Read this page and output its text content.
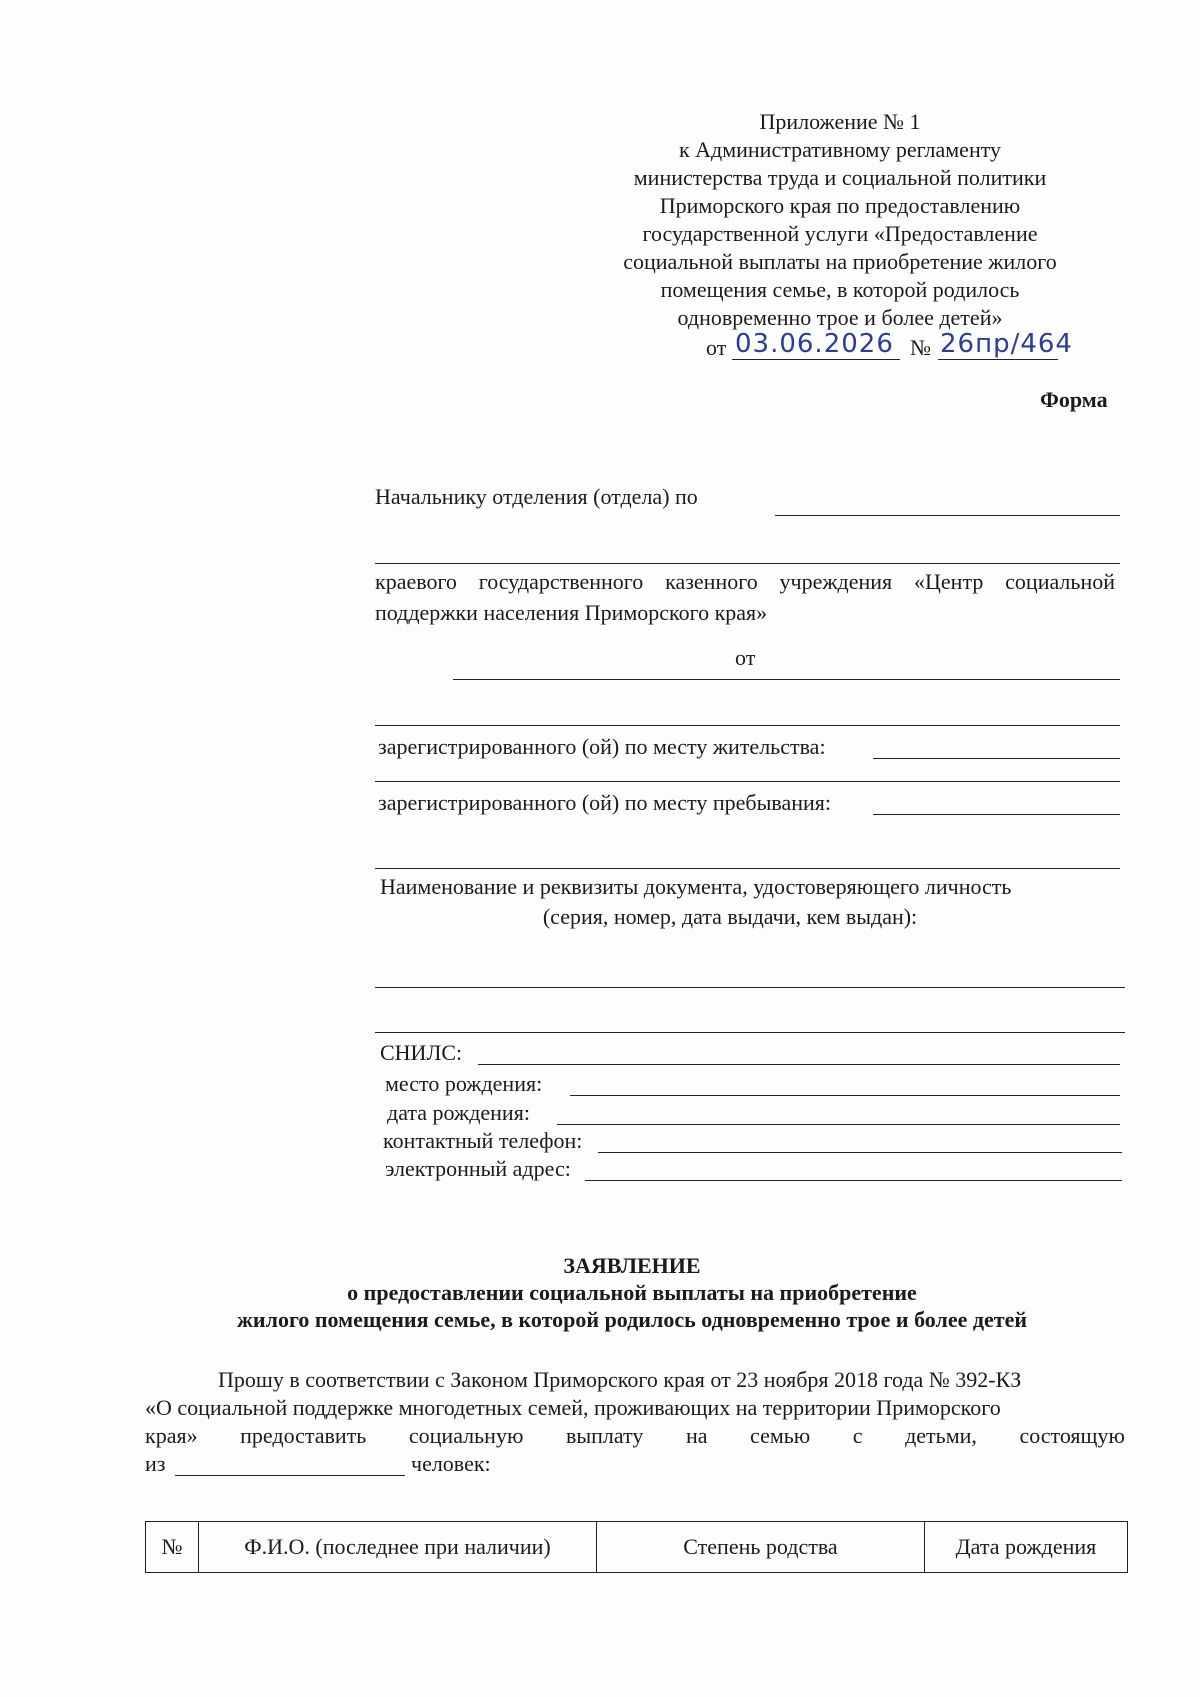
Приложение № 1
к Административному регламенту
министерства труда и социальной политики
Приморского края по предоставлению
государственной услуги «Предоставление
социальной выплаты на приобретение жилого
помещения семье, в которой родилось
одновременно трое и более детей»
от 03.06.2026 № 26пр/464
Форма
Начальнику отделения (отдела) по
краевого государственного казенного учреждения «Центр социальной поддержки населения Приморского края»
от
зарегистрированного (ой) по месту жительства:
зарегистрированного (ой) по месту пребывания:
Наименование и реквизиты документа, удостоверяющего личность
(серия, номер, дата выдачи, кем выдан):
СНИЛС:
место рождения:
дата рождения:
контактный телефон:
электронный адрес:
ЗАЯВЛЕНИЕ
о предоставлении социальной выплаты на приобретение
жилого помещения семье, в которой родилось одновременно трое и более детей
Прошу в соответствии с Законом Приморского края от 23 ноября 2018 года № 392-КЗ
«О социальной поддержке многодетных семей, проживающих на территории Приморского
края» предоставить социальную выплату на семью с детьми, состоящую
из	человек:
№	Ф.И.О. (последнее при наличии)	Степень родства	Дата рождения
